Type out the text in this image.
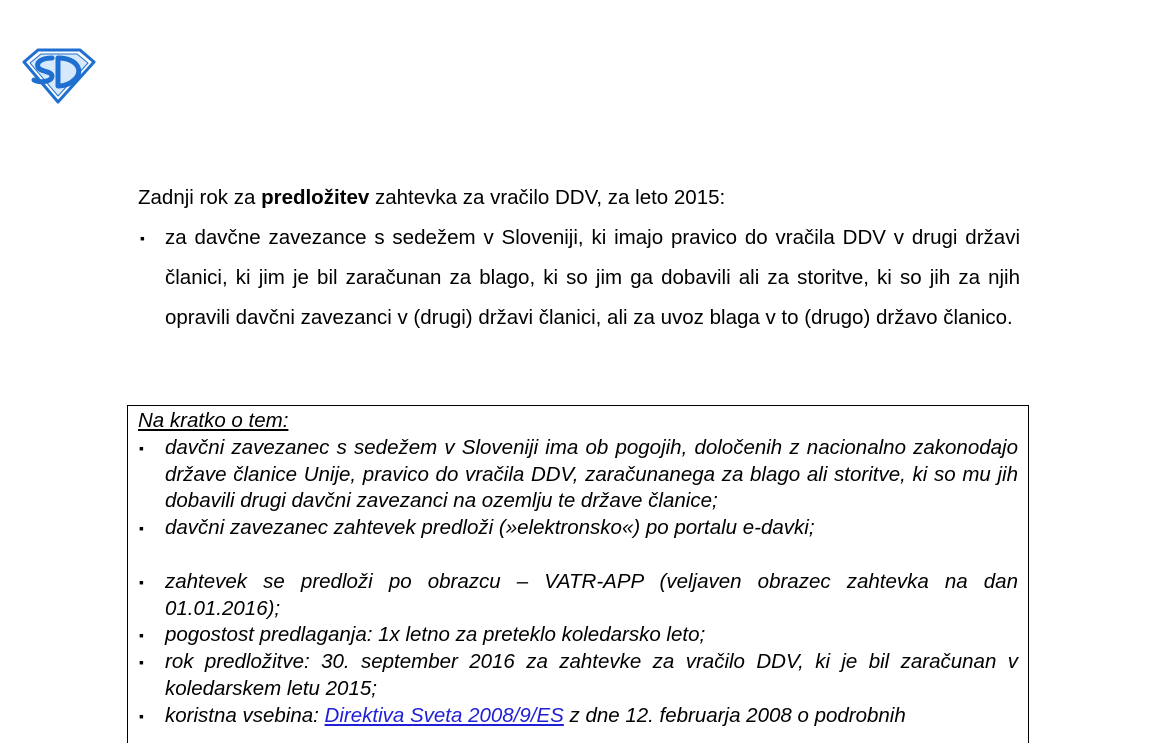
Zadnji rok za predložitev zahtevka za vračilo DDV, za leto 2015:

▪ za davčne zavezance s sedežem v Sloveniji, ki imajo pravico do vračila DDV v drugi državi članici, ki jim je bil zaračunan za blago, ki so jim ga dobavili ali za storitve, ki so jih za njih opravili davčni zavezanci v (drugi) državi članici, ali za uvoz blaga v to (drugo) državo članico.

Na kratko o tem:

▪ davčni zavezanec s sedežem v Sloveniji ima ob pogojih, določenih z nacionalno zakonodajo države članice Unije, pravico do vračila DDV, zaračunanega za blago ali storitve, ki so mu jih dobavili drugi davčni zavezanci na ozemlju te države članice;
▪ davčni zavezanec zahtevek predloži (»elektronsko«) po portalu e-davki;
▪ zahtevek se predloži po obrazcu – VATR-APP (veljaven obrazec zahtevka na dan 01.01.2016);
▪ pogostost predlaganja: 1x letno za preteklo koledarsko leto;
▪ rok predložitve: 30. september 2016 za zahtevke za vračilo DDV, ki je bil zaračunan v koledarskem letu 2015;
▪ koristna vsebina: Direktiva Sveta 2008/9/ES z dne 12. februarja 2008 o podrobnih
